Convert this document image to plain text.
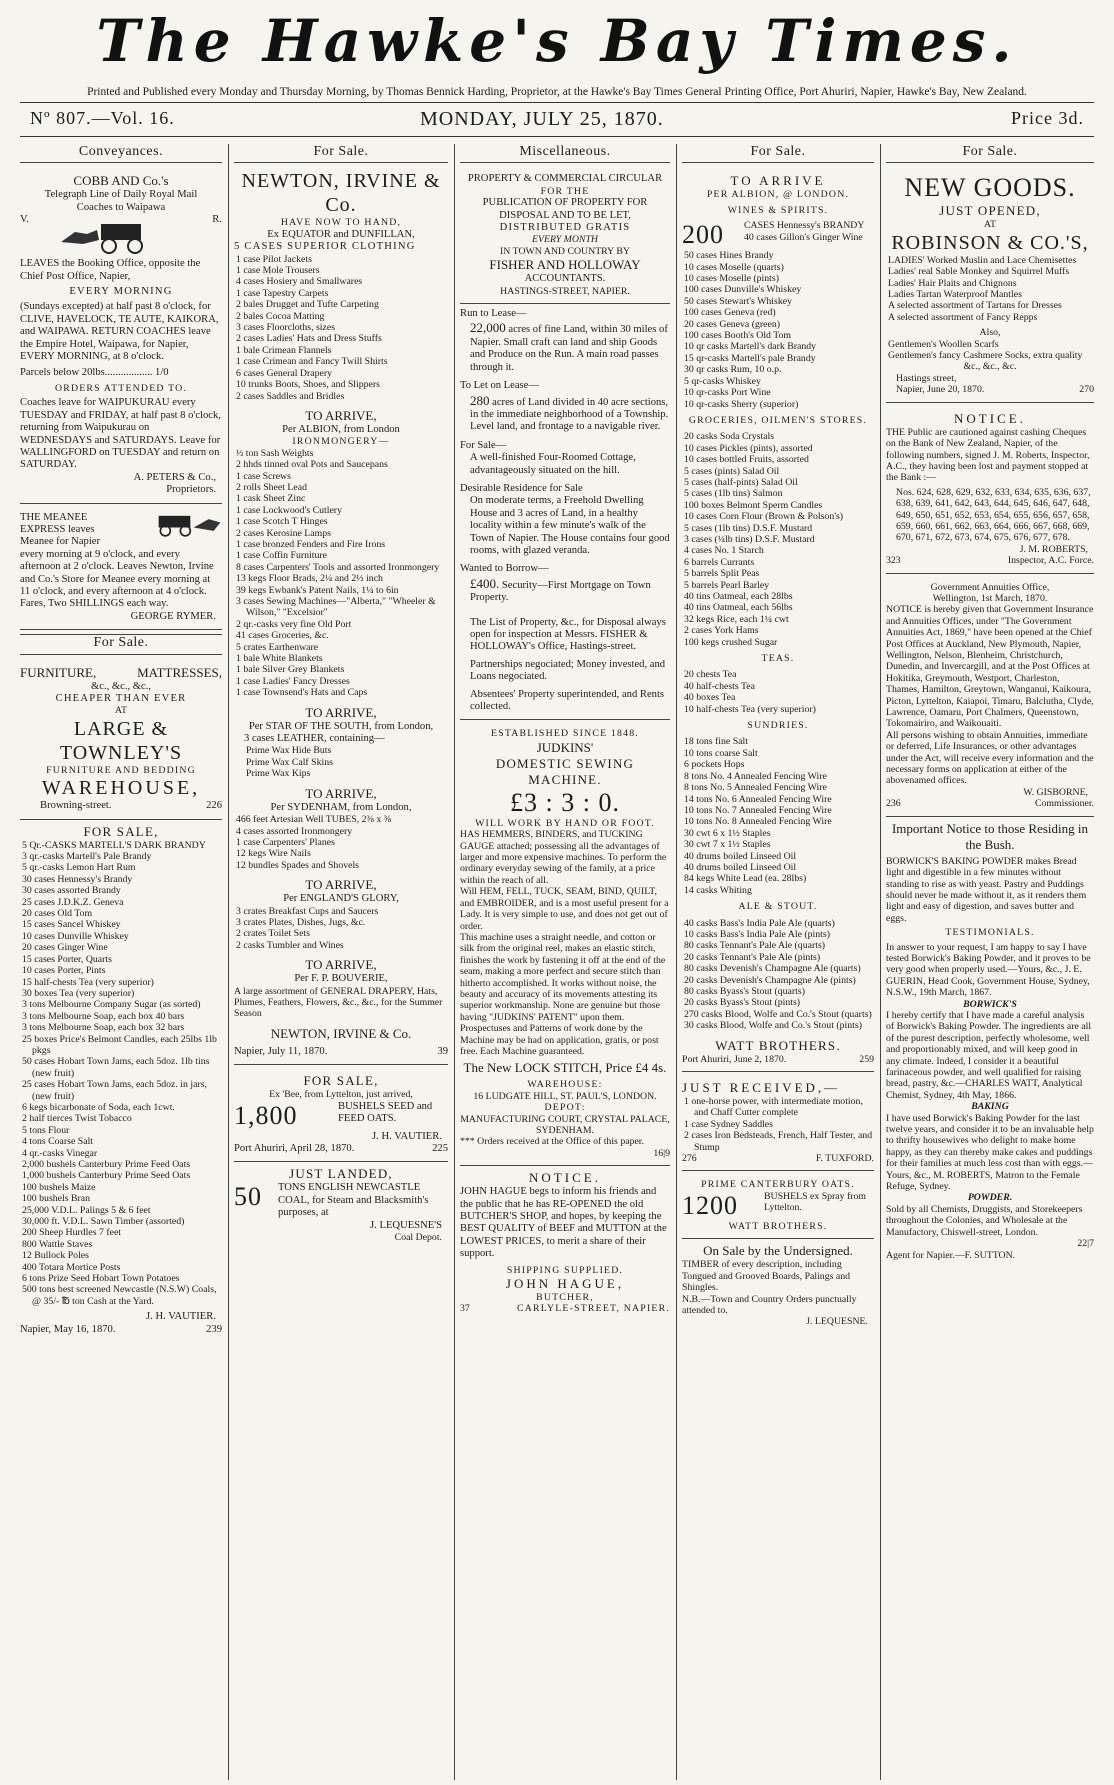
The Hawke's Bay Times.
Printed and Published every Monday and Thursday Morning, by Thomas Bennick Harding, Proprietor, at the Hawke's Bay Times General Printing Office, Port Ahuriri, Napier, Hawke's Bay, New Zealand.
Nº 807.—Vol. 16.	MONDAY, JULY 25, 1870.	Price 3d.
Conveyances.
COBB AND Co.'s
Telegraph Line of Daily Royal Mail
Coaches to Waipawa
V.	R.
LEAVES the Booking Office, opposite the Chief Post Office, Napier,
EVERY MORNING
(Sundays excepted) at half past 8 o'clock, for CLIVE, HAVELOCK, TE AUTE, KAIKORA, and WAIPAWA. RETURN COACHES leave the Empire Hotel, Waipawa, for Napier, EVERY MORNING, at 8 o'clock.
Parcels below 20lbs.................. 1/0
ORDERS ATTENDED TO.
Coaches leave for WAIPUKURAU every TUESDAY and FRIDAY, at half past 8 o'clock, returning from Waipukurau on WEDNESDAYS and SATURDAYS. Leave for WALLINGFORD on TUESDAY and return on SATURDAY.
A. PETERS & Co.,
Proprietors.
THE MEANEE EXPRESS leaves Meanee for Napier every morning at 9 o'clock, and every afternoon at 2 o'clock. Leaves Newton, Irvine and Co.'s Store for Meanee every morning at 11 o'clock, and every afternoon at 4 o'clock. Fares, Two SHILLINGS each way.
GEORGE RYMER.
For Sale.
FURNITURE,	MATTRESSES,
&c., &c., &c.,
CHEAPER THAN EVER
AT
LARGE & TOWNLEY'S
FURNITURE AND BEDDING
WAREHOUSE,
Browning-street.	226
FOR SALE,
5 Qr.-CASKS MARTELL'S DARK BRANDY
3 qr.-casks Martell's Pale Brandy
5 qr.-casks Lemon Hart Rum
30 cases Hennessy's Brandy
30 cases assorted Brandy
25 cases J.D.K.Z. Geneva
20 cases Old Tom
15 cases Sancel Whiskey
10 cases Dunville Whiskey
20 cases Ginger Wine
15 cases Porter, Quarts
10 cases Porter, Pints
15 half-chests Tea (very superior)
30 boxes Tea (very superior)
3 tons Melbourne Company Sugar (as sorted)
3 tons Melbourne Soap, each box 40 bars
3 tons Melbourne Soap, each box 32 bars
25 boxes Price's Belmont Candles, each 25lbs 1lb pkgs
50 cases Hobart Town Jams, each 5doz. 1lb tins (new fruit)
25 cases Hobart Town Jams, each 5doz. in jars, (new fruit)
6 kegs bicarbonate of Soda, each 1cwt.
2 half tierces Twist Tobacco
5 tons Flour
4 tons Coarse Salt
4 qr.-casks Vinegar
2,000 bushels Canterbury Prime Feed Oats
1,000 bushels Canterbury Prime Seed Oats
100 bushels Maize
100 bushels Bran
25,000 V.D.L. Palings 5 & 6 feet
30,000 ft. V.D.L. Sawn Timber (assorted)
200 Sheep Hurdles 7 feet
800 Wattle Staves
12 Bullock Poles
400 Totara Mortice Posts
6 tons Prize Seed Hobart Town Potatoes
500 tons best screened Newcastle (N.S.W) Coals, @ 35/- ℔ ton Cash at the Yard.
J. H. VAUTIER.
Napier, May 16, 1870.	239
For Sale.
NEWTON, IRVINE & Co.
HAVE NOW TO HAND,
Ex EQUATOR and DUNFILLAN,
5 CASES SUPERIOR CLOTHING
1 case Pilot Jackets
1 case Mole Trousers
4 cases Hosiery and Smallwares
1 case Tapestry Carpets
2 bales Drugget and Tufte Carpeting
2 bales Cocoa Matting
3 cases Floorcloths, sizes
2 cases Ladies' Hats and Dress Stuffs
1 bale Crimean Flannels
1 case Crimean and Fancy Twill Shirts
6 cases General Drapery
10 trunks Boots, Shoes, and Slippers
2 cases Saddles and Bridles
TO ARRIVE,
Per ALBION, from London
IRONMONGERY—
½ ton Sash Weights
2 hhds tinned oval Pots and Saucepans
1 case Screws
2 rolls Sheet Lead
1 cask Sheet Zinc
1 case Lockwood's Cutlery
1 case Scotch T Hinges
2 cases Kerosine Lamps
1 case bronzed Fenders and Fire Irons
1 case Coffin Furniture
8 cases Carpenters' Tools and assorted Ironmongery
13 kegs Floor Brads, 2¼ and 2½ inch
39 kegs Ewbank's Patent Nails, 1¼ to 6in
3 cases Sewing Machines—"Alberta," "Wheeler & Wilson," "Excelsior"
2 qr.-casks very fine Old Port
41 cases Groceries, &c.
5 crates Earthenware
1 bale White Blankets
1 bale Silver Grey Blankets
1 case Ladies' Fancy Dresses
1 case Townsend's Hats and Caps
TO ARRIVE,
Per STAR OF THE SOUTH, from London,
3 cases LEATHER, containing—
Prime Wax Hide Buts
Prime Wax Calf Skins
Prime Wax Kips
TO ARRIVE,
Per SYDENHAM, from London,
466 feet Artesian Well TUBES, 2⅜ x ⅜
4 cases assorted Ironmongery
1 case Carpenters' Planes
12 kegs Wire Nails
12 bundles Spades and Shovels
TO ARRIVE,
Per ENGLAND'S GLORY,
3 crates Breakfast Cups and Saucers
3 crates Plates, Dishes, Jugs, &c.
2 crates Toilet Sets
2 casks Tumbler and Wines
TO ARRIVE,
Per F. P. BOUVERIE,
A large assortment of GENERAL DRAPERY, Hats, Plumes, Feathers, Flowers, &c., &c., for the Summer Season
NEWTON, IRVINE & Co.
Napier, July 11, 1870.	39
FOR SALE,
Ex 'Bee, from Lyttelton, just arrived,
1,800	BUSHELS SEED and FEED OATS.
J. H. VAUTIER.
Port Ahuriri, April 28, 1870.	225
JUST LANDED,
50 TONS ENGLISH NEWCASTLE COAL, for Steam and Blacksmith's purposes, at
J. LEQUESNE'S
Coal Depot.
Miscellaneous.
PROPERTY & COMMERCIAL CIRCULAR
FOR THE
PUBLICATION OF PROPERTY FOR DISPOSAL AND TO BE LET,
DISTRIBUTED GRATIS
EVERY MONTH
IN TOWN AND COUNTRY BY
FISHER AND HOLLOWAY
ACCOUNTANTS.
HASTINGS-STREET, NAPIER.
Run to Lease—
22,000 acres of fine Land, within 30 miles of Napier. Small craft can land and ship Goods and Produce on the Run. A main road passes through it.
To Let on Lease—
280 acres of Land divided in 40 acre sections, in the immediate neighborhood of a Township. Level land, and frontage to a navigable river.
For Sale—
A well-finished Four-Roomed Cottage, advantageously situated on the hill.
Desirable Residence for Sale
On moderate terms, a Freehold Dwelling House and 3 acres of Land, in a healthy locality within a few minute's walk of the Town of Napier. The House contains four good rooms, with glazed veranda.
Wanted to Borrow—
£400. Security—First Mortgage on Town Property.
The List of Property, &c., for Disposal always open for inspection at Messrs. FISHER & HOLLOWAY's Office, Hastings-street.
Partnerships negociated; Money invested, and Loans negociated.
Absentees' Property superintended, and Rents collected.
ESTABLISHED SINCE 1848.
JUDKINS'
DOMESTIC SEWING MACHINE.
£3 : 3 : 0.
WILL WORK BY HAND OR FOOT.
HAS HEMMERS, BINDERS, and TUCKING GAUGE attached; possessing all the advantages of larger and more expensive machines. To perform the ordinary everyday sewing of the family, at a price within the reach of all.
Will HEM, FELL, TUCK, SEAM, BIND, QUILT, and EMBROIDER, and is a most useful present for a Lady. It is very simple to use, and does not get out of order.
This machine uses a straight needle, and cotton or silk from the original reel, makes an elastic stitch, finishes the work by fastening it off at the end of the seam, making a more perfect and secure stitch than hitherto accomplished. It works without noise, the beauty and accuracy of its movements attesting its superior workmanship. None are genuine but those having "JUDKINS' PATENT" upon them.
Prospectuses and Patterns of work done by the Machine may be had on application, gratis, or post free. Each Machine guaranteed.
The New LOCK STITCH, Price £4 4s.
WAREHOUSE:
16 LUDGATE HILL, ST. PAUL'S, LONDON.
DEPOT:
MANUFACTURING COURT, CRYSTAL PALACE, SYDENHAM.
*** Orders received at the Office of this paper.
16|9
NOTICE.
JOHN HAGUE begs to inform his friends and the public that he has RE-OPENED the old BUTCHER'S SHOP, and hopes, by keeping the BEST QUALITY of BEEF and MUTTON at the LOWEST PRICES, to merit a share of their support.
SHIPPING SUPPLIED.
JOHN HAGUE,
BUTCHER,
37	CARLYLE-STREET, NAPIER.
For Sale.
TO ARRIVE
PER ALBION, @ LONDON.
WINES & SPIRITS.
200 CASES Hennessy's BRANDY
40 cases Gillon's Ginger Wine
50 cases Hines Brandy
10 cases Moselle (quarts)
10 cases Moselle (pints)
100 cases Dunville's Whiskey
50 cases Stewart's Whiskey
100 cases Geneva (red)
20 cases Geneva (green)
100 cases Booth's Old Tom
10 qr casks Martell's dark Brandy
15 qr-casks Martell's pale Brandy
30 qr casks Rum, 10 o.p.
5 qr-casks Whiskey
10 qr-casks Port Wine
10 qr-casks Sherry (superior)
GROCERIES, OILMEN'S STORES.
20 casks Soda Crystals
10 cases Pickles (pints), assorted
10 cases bottled Fruits, assorted
5 cases (pints) Salad Oil
5 cases (half-pints) Salad Oil
5 cases (1lb tins) Salmon
100 boxes Belmont Sperm Candles
10 cases Corn Flour (Brown & Polson's)
5 cases (1lb tins) D.S.F. Mustard
3 cases (¼lb tins) D.S.F. Mustard
4 cases No. 1 Starch
6 barrels Currants
5 barrels Split Peas
5 barrels Pearl Barley
40 tins Oatmeal, each 28lbs
40 tins Oatmeal, each 56lbs
32 kegs Rice, each 1¼ cwt
2 cases York Hams
100 kegs crushed Sugar
TEAS.
20 chests Tea
40 half-chests Tea
40 boxes Tea
10 half-chests Tea (very superior)
SUNDRIES.
18 tons fine Salt
10 tons coarse Salt
6 pockets Hops
8 tons No. 4 Annealed Fencing Wire
8 tons No. 5 Annealed Fencing Wire
14 tons No. 6 Annealed Fencing Wire
10 tons No. 7 Annealed Fencing Wire
10 tons No. 8 Annealed Fencing Wire
30 cwt 6 x 1½ Staples
30 cwt 7 x 1½ Staples
40 drums boiled Linseed Oil
40 drums boiled Linseed Oil
84 kegs White Lead (ea. 28lbs)
14 casks Whiting
ALE & STOUT.
40 casks Bass's India Pale Ale (quarts)
10 casks Bass's India Pale Ale (pints)
80 casks Tennant's Pale Ale (quarts)
20 casks Tennant's Pale Ale (pints)
80 casks Devenish's Champagne Ale (quarts)
20 casks Devenish's Champagne Ale (pints)
80 casks Byass's Stout (quarts)
20 casks Byass's Stout (pints)
270 casks Blood, Wolfe and Co.'s Stout (quarts)
30 casks Blood, Wolfe and Co.'s Stout (pints)
WATT BROTHERS.
Port Ahuriri, June 2, 1870.	259
JUST RECEIVED,—
1 one-horse power, with intermediate motion, and Chaff Cutter complete
1 case Sydney Saddles
2 cases Iron Bedsteads, French, Half Tester, and Stump
276	F. TUXFORD.
PRIME CANTERBURY OATS.
1200	BUSHELS ex Spray from Lyttelton.
WATT BROTHERS.
On Sale by the Undersigned.
TIMBER of every description, including Tongued and Grooved Boards, Palings and Shingles.
N.B.—Town and Country Orders punctually attended to.
J. LEQUESNE.
For Sale.
NEW GOODS.
JUST OPENED,
AT
ROBINSON & CO.'S,
LADIES' Worked Muslin and Lace Chemisettes
Ladies' real Sable Monkey and Squirrel Muffs
Ladies' Hair Plaits and Chignons
Ladies Tartan Waterproof Mantles
A selected assortment of Tartans for Dresses
A selected assortment of Fancy Repps
Also,
Gentlemen's Woollen Scarfs
Gentlemen's fancy Cashmere Socks, extra quality
&c., &c., &c.
Hastings street,
Napier, June 20, 1870.	270
NOTICE.
THE Public are cautioned against cashing Cheques on the Bank of New Zealand, Napier, of the following numbers, signed J. M. Roberts, Inspector, A.C., they having been lost and payment stopped at the Bank :—
Nos. 624, 628, 629, 632, 633, 634, 635, 636, 637, 638, 639, 641, 642, 643, 644, 645, 646, 647, 648, 649, 650, 651, 652, 653, 654, 655, 656, 657, 658, 659, 660, 661, 662, 663, 664, 666, 667, 668, 669, 670, 671, 672, 673, 674, 675, 676, 677, 678.
J. M. ROBERTS,
323	Inspector, A.C. Force.
Government Annuities Office,
Wellington, 1st March, 1870.
NOTICE is hereby given that Government Insurance and Annuities Offices, under "The Government Annuities Act, 1869," have been opened at the Chief Post Offices at Auckland, New Plymouth, Napier, Wellington, Nelson, Blenheim, Christchurch, Dunedin, and Invercargill, and at the Post Offices at Hokitika, Greymouth, Westport, Charleston, Thames, Hamilton, Greytown, Wanganui, Kaikoura, Picton, Lyttelton, Kaiapoi, Timaru, Balclutha, Clyde, Lawrence, Oamaru, Port Chalmers, Queenstown, Tokomairiro, and Waikouaiti.
All persons wishing to obtain Annuities, immediate or deferred, Life Insurances, or other advantages under the Act, will receive every information and the necessary forms on application at either of the abovenamed offices.
W. GISBORNE,
236	Commissioner.
Important Notice to those Residing in the Bush.
BORWICK'S BAKING POWDER makes Bread light and digestible in a few minutes without standing to rise as with yeast. Pastry and Puddings should never be made without it, as it renders them light and easy of digestion, and saves butter and eggs.
TESTIMONIALS.
In answer to your request, I am happy to say I have tested Borwick's Baking Powder, and it proves to be very good when properly used.—Yours, &c., J. E. GUERIN, Head Cook, Government House, Sydney, N.S.W., 19th March, 1867.
BORWICK'S
I hereby certify that I have made a careful analysis of Borwick's Baking Powder. The ingredients are all of the purest description, perfectly wholesome, well and proportionably mixed, and will keep good in any climate. Indeed, I consider it a beautiful farinaceous powder, and well qualified for raising bread, pastry, &c.—CHARLES WATT, Analytical Chemist, Sydney, 4th May, 1866.
BAKING
I have used Borwick's Baking Powder for the last twelve years, and consider it to be an invaluable help to thrifty housewives who delight to make home happy, as they can thereby make cakes and puddings for their families at much less cost than with eggs.—Yours, &c., M. ROBERTS, Matron to the Female Refuge, Sydney.
POWDER.
Sold by all Chemists, Druggists, and Storekeepers throughout the Colonies, and Wholesale at the Manufactory, Chiswell-street, London.
22|7
Agent for Napier.—F. SUTTON.
